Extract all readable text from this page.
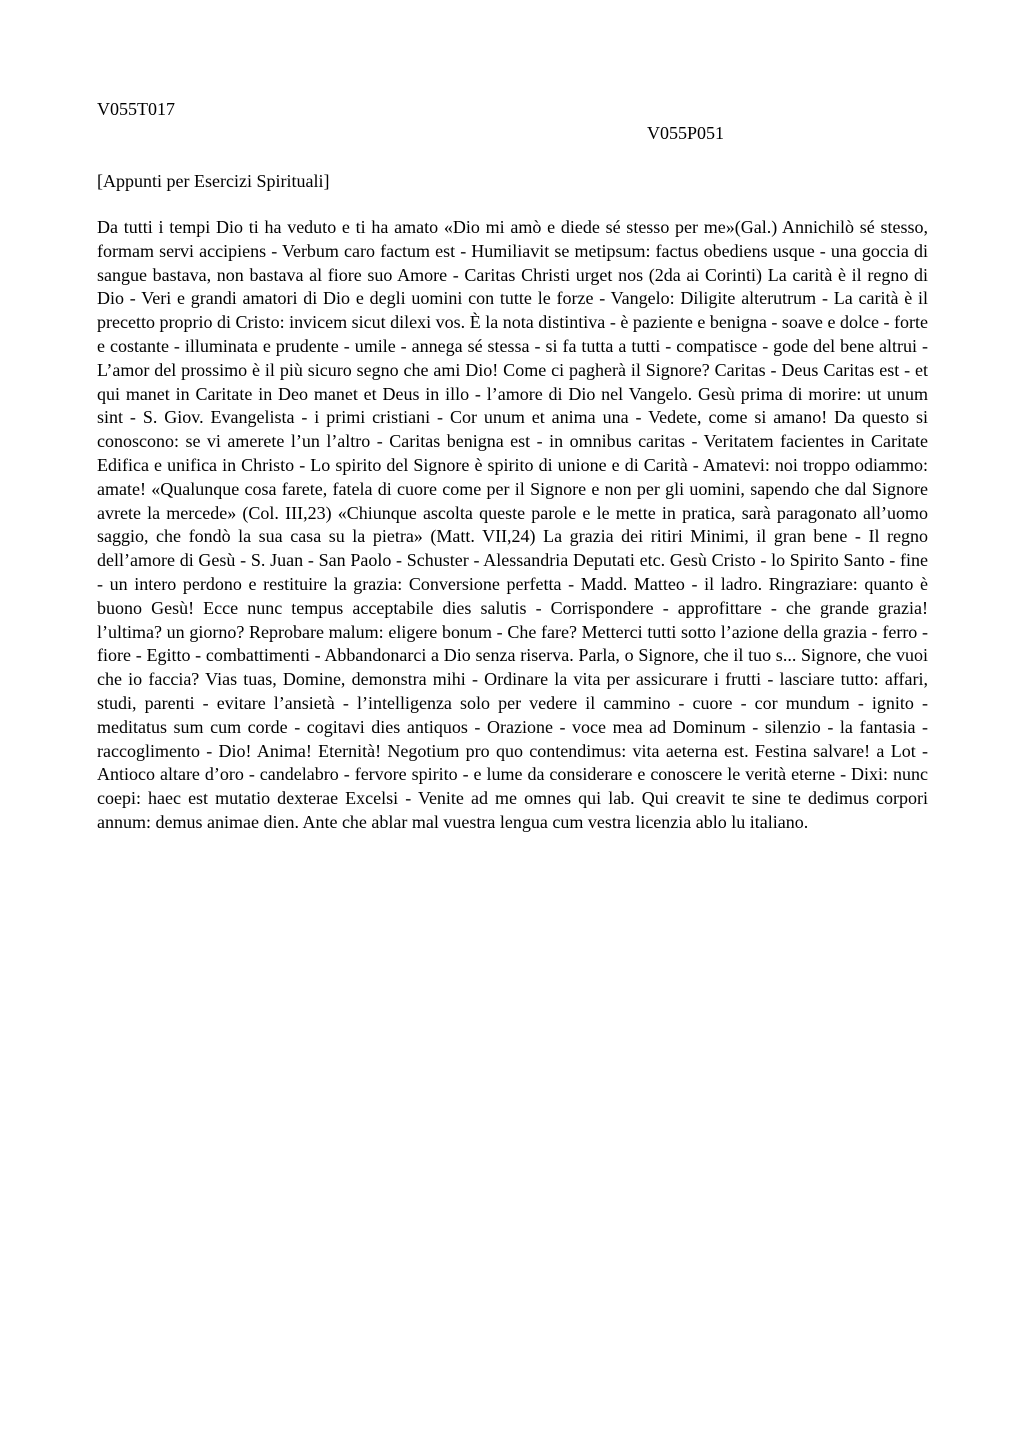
V055T017
V055P051
[Appunti per Esercizi Spirituali]

Da tutti i tempi Dio ti ha veduto e ti ha amato «Dio mi amò e diede sé stesso per me»(Gal.) Annichilò sé stesso, formam servi accipiens - Verbum caro factum est - Humiliavit se metipsum: factus obediens usque - una goccia di sangue bastava, non bastava al fiore suo Amore - Caritas Christi urget nos (2da ai Corinti) La carità è il regno di Dio - Veri e grandi amatori di Dio e degli uomini con tutte le forze - Vangelo: Diligite alterutrum - La carità è il precetto proprio di Cristo: invicem sicut dilexi vos. È la nota distintiva - è paziente e benigna - soave e dolce - forte e costante - illuminata e prudente - umile - annega sé stessa - si fa tutta a tutti - compatisce - gode del bene altrui - L’amor del prossimo è il più sicuro segno che ami Dio! Come ci pagherà il Signore? Caritas - Deus Caritas est - et qui manet in Caritate in Deo manet et Deus in illo - l’amore di Dio nel Vangelo. Gesù prima di morire: ut unum sint - S. Giov. Evangelista - i primi cristiani - Cor unum et anima una - Vedete, come si amano! Da questo si conoscono: se vi amerete l’un l’altro - Caritas benigna est - in omnibus caritas - Veritatem facientes in Caritate Edifica e unifica in Christo - Lo spirito del Signore è spirito di unione e di Carità - Amatevi: noi troppo odiammo: amate! «Qualunque cosa farete, fatela di cuore come per il Signore e non per gli uomini, sapendo che dal Signore avrete la mercede» (Col. III,23) «Chiunque ascolta queste parole e le mette in pratica, sarà paragonato all’uomo saggio, che fondò la sua casa su la pietra» (Matt. VII,24) La grazia dei ritiri Minimi, il gran bene - Il regno dell’amore di Gesù - S. Juan - San Paolo - Schuster - Alessandria Deputati etc. Gesù Cristo - lo Spirito Santo - fine - un intero perdono e restituire la grazia: Conversione perfetta - Madd. Matteo - il ladro. Ringraziare: quanto è buono Gesù! Ecce nunc tempus acceptabile dies salutis - Corrispondere - approfittare - che grande grazia! l’ultima? un giorno? Reprobare malum: eligere bonum - Che fare? Metterci tutti sotto l’azione della grazia - ferro - fiore - Egitto - combattimenti - Abbandonarci a Dio senza riserva. Parla, o Signore, che il tuo s... Signore, che vuoi che io faccia? Vias tuas, Domine, demonstra mihi - Ordinare la vita per assicurare i frutti - lasciare tutto: affari, studi, parenti - evitare l’ansietà - l’intelligenza solo per vedere il cammino - cuore - cor mundum - ignito - meditatus sum cum corde - cogitavi dies antiquos - Orazione - voce mea ad Dominum - silenzio - la fantasia - raccoglimento - Dio! Anima! Eternità! Negotium pro quo contendimus: vita aeterna est. Festina salvare! a Lot - Antioco altare d’oro - candelabro - fervore spirito - e lume da considerare e conoscere le verità eterne - Dixi: nunc coepi: haec est mutatio dexterae Excelsi - Venite ad me omnes qui lab. Qui creavit te sine te dedimus corpori annum: demus animae dien. Ante che ablar mal vuestra lengua cum vestra licenzia ablo lu italiano.
